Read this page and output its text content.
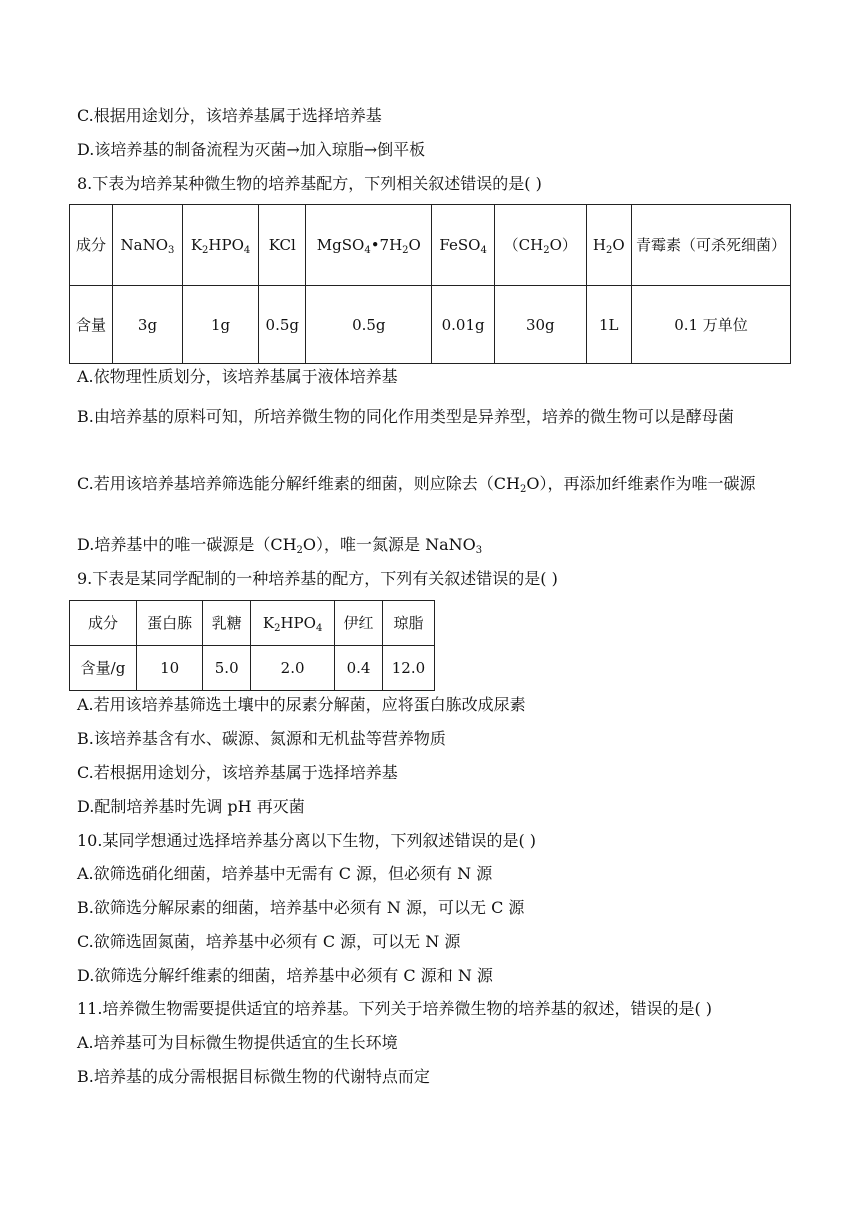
C.根据用途划分，该培养基属于选择培养基
D.该培养基的制备流程为灭菌→加入琼脂→倒平板
8.下表为培养某种微生物的培养基配方，下列相关叙述错误的是( )
成分	NaNO$_3$	$K_2HPO_4$	KCl	$MgSO_4•7H_2O$	FeSO$_4$	$(CH_2O)$	$H_2O$	青霉素（可杀死细菌）

含量	3g	1g	0.5g	0.5g	0.01g	30g	1L	0.1 万单位
A.依物理性质划分，该培养基属于液体培养基
B.由培养基的原料可知，所培养微生物的同化作用类型是异养型，培养的微生物可以是酵母菌
C.若用该培养基培养筛选能分解纤维素的细菌，则应除去$(CH_2O)$，再添加纤维素作为唯一碳源
D.培养基中的唯一碳源是$(CH_2O)$，唯一氮源是 NaNO$_3$
9.下表是某同学配制的一种培养基的配方，下列有关叙述错误的是( )
成分	蛋白胨	乳糖	$K_2HPO_4$	伊红	琼脂
含量/g	10	5.0	2.0	0.4	12.0
A.若用该培养基筛选土壤中的尿素分解菌，应将蛋白胨改成尿素
B.该培养基含有水、碳源、氮源和无机盐等营养物质
C.若根据用途划分，该培养基属于选择培养基
D.配制培养基时先调 pH 再灭菌
10.某同学想通过选择培养基分离以下生物，下列叙述错误的是( )
A.欲筛选硝化细菌，培养基中无需有 C 源，但必须有 N 源
B.欲筛选分解尿素的细菌，培养基中必须有 N 源，可以无 C 源
C.欲筛选固氮菌，培养基中必须有 C 源，可以无 N 源
D.欲筛选分解纤维素的细菌，培养基中必须有 C 源和 N 源
11.培养微生物需要提供适宜的培养基。下列关于培养微生物的培养基的叙述，错误的是( )
A.培养基可为目标微生物提供适宜的生长环境
B.培养基的成分需根据目标微生物的代谢特点而定
